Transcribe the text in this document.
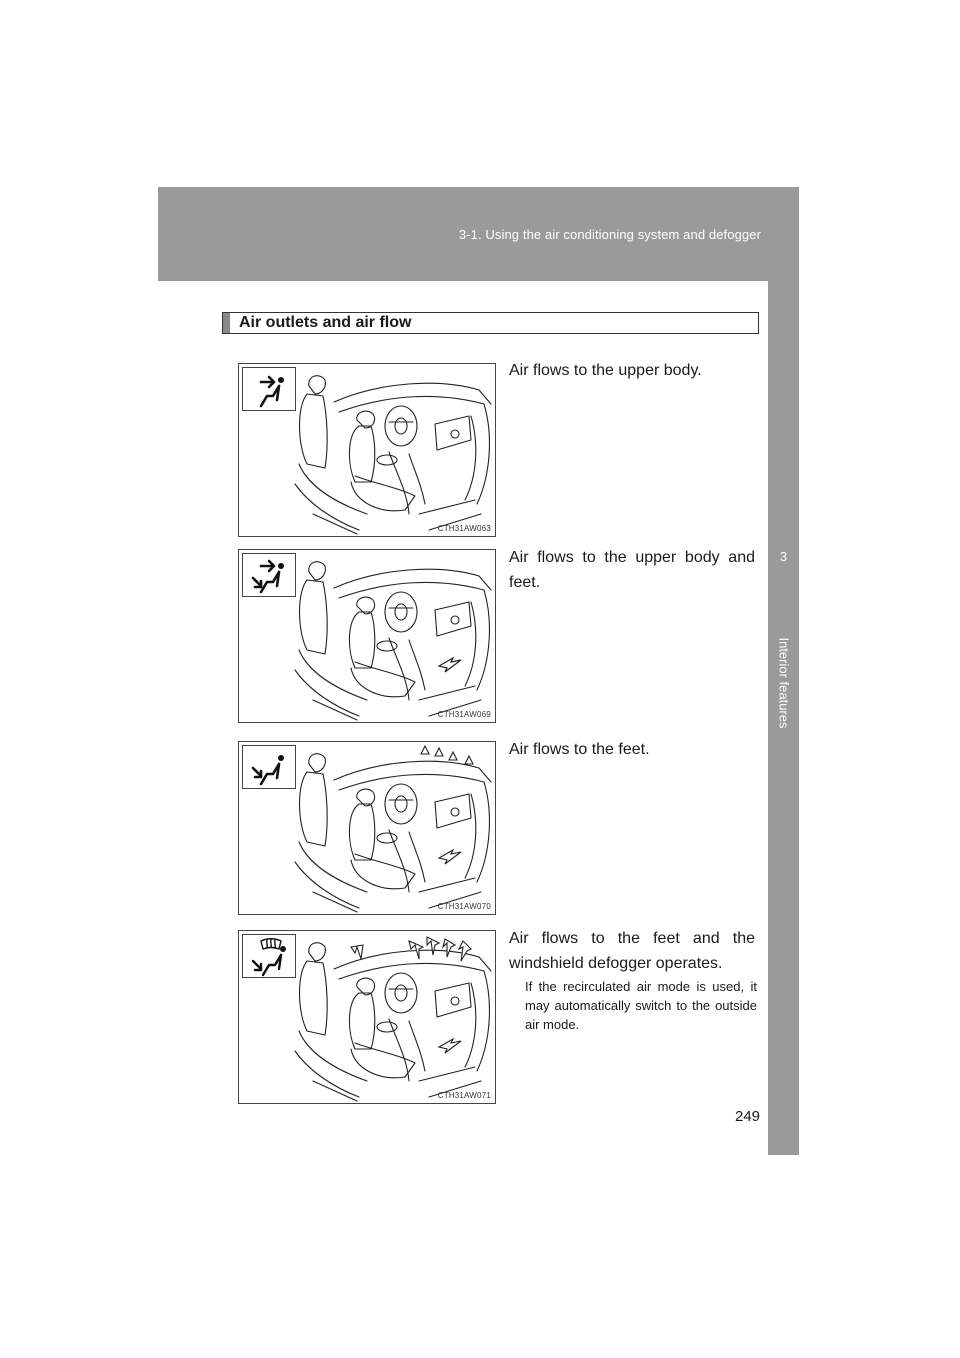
3-1. Using the air conditioning system and defogger
3
Interior features
Air outlets and air flow
CTH31AW063

Air flows to the upper body.

CTH31AW069

Air flows to the upper body and feet.

CTH31AW070

Air flows to the feet.

CTH31AW071

Air flows to the feet and the windshield defogger operates.

If the recirculated air mode is used, it may automatically switch to the outside air mode.

249
